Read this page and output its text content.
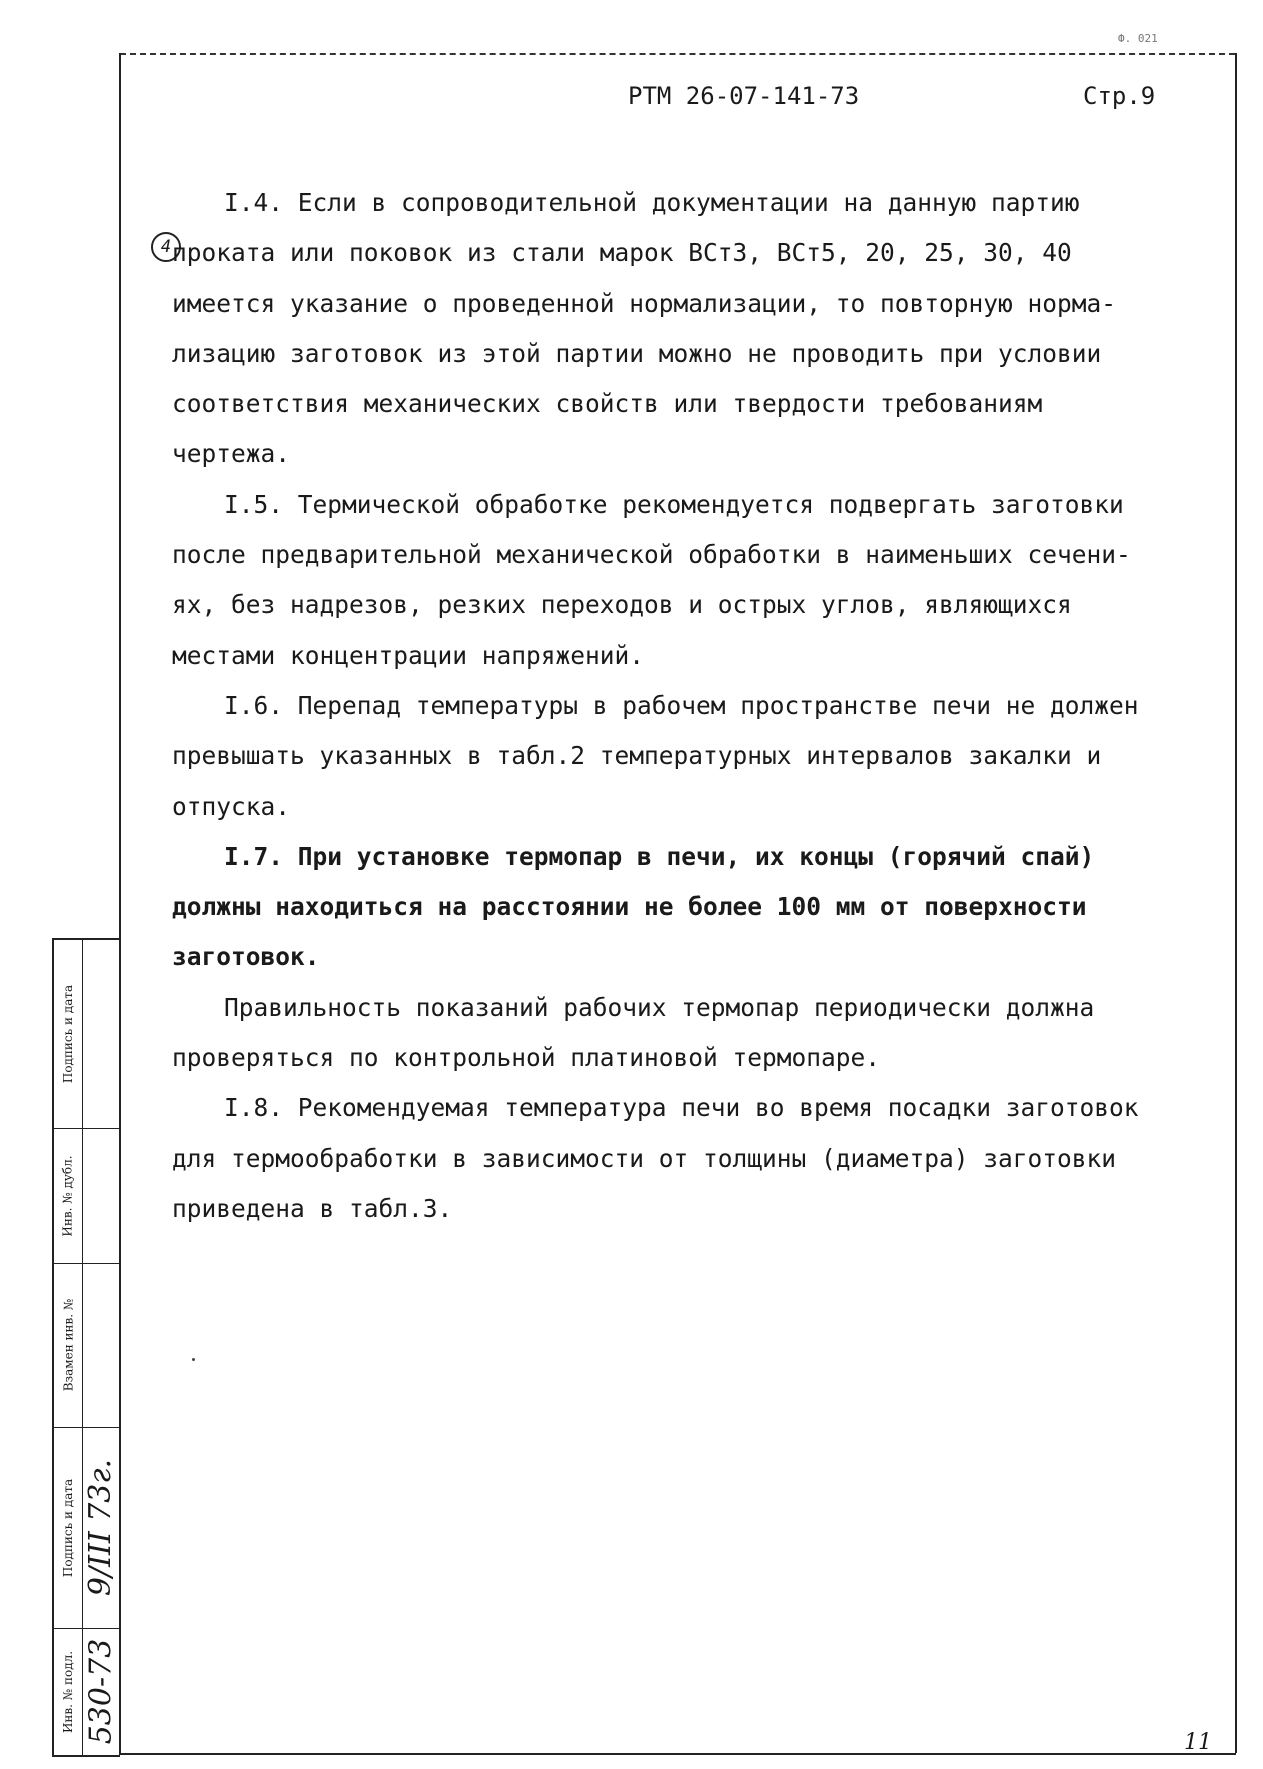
Ф. 021
РТМ 26-07-141-73	Стр.9
4
I.4. Если в сопроводительной документации на данную партию
проката или поковок из стали марок ВСт3, ВСт5, 20, 25, 30, 40
имеется указание о проведенной нормализации, то повторную норма-
лизацию заготовок из этой партии можно не проводить при условии
соответствия механических свойств или твердости требованиям
чертежа.
I.5. Термической обработке рекомендуется подвергать заготовки
после предварительной механической обработки в наименьших сечени-
ях, без надрезов, резких переходов и острых углов, являющихся
местами концентрации напряжений.
I.6. Перепад температуры в рабочем пространстве печи не должен
превышать указанных в табл.2 температурных интервалов закалки и
отпуска.
I.7. При установке термопар в печи, их концы (горячий спай)
должны находиться на расстоянии не более 100 мм от поверхности
заготовок.
Правильность показаний рабочих термопар периодически должна
проверяться по контрольной платиновой термопаре.
I.8. Рекомендуемая температура печи во время посадки заготовок
для термообработки в зависимости от толщины (диаметра) заготовки
приведена в табл.3.
Подпись и дата
Инв. № дубл.
Взамен инв. №
Подпись и дата
Инв. № подл.
9/III 73г.
530-73	11
